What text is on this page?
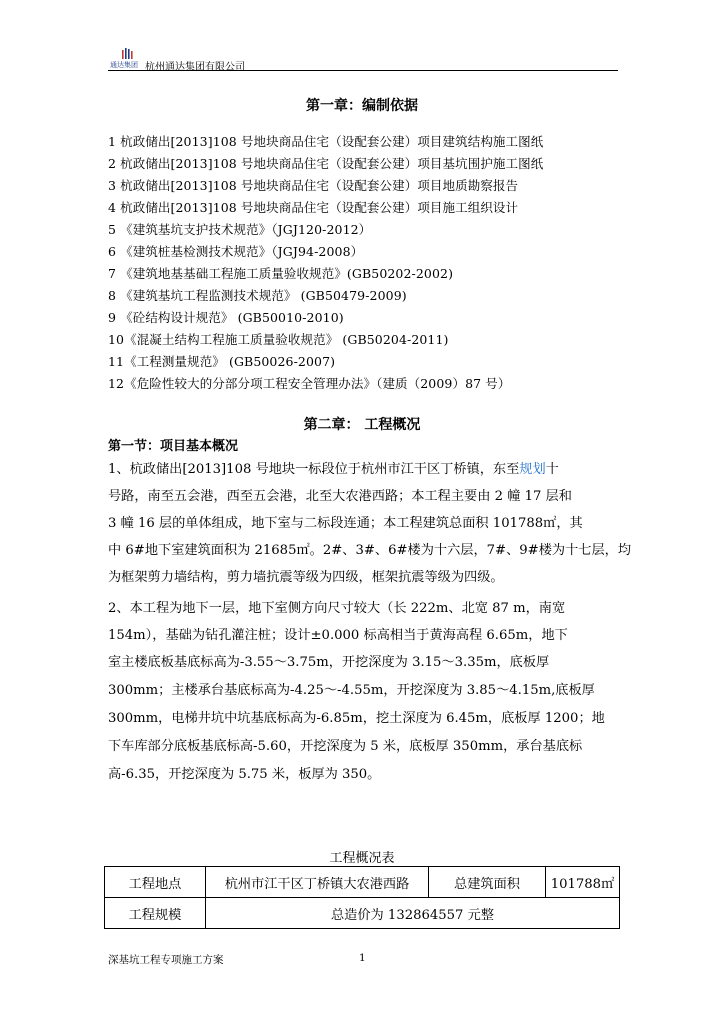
通达集团 杭州通达集团有限公司
第一章：编制依据
1 杭政储出[2013]108 号地块商品住宅（设配套公建）项目建筑结构施工图纸
2 杭政储出[2013]108 号地块商品住宅（设配套公建）项目基坑围护施工图纸
3 杭政储出[2013]108 号地块商品住宅（设配套公建）项目地质勘察报告
4 杭政储出[2013]108 号地块商品住宅（设配套公建）项目施工组织设计
5 《建筑基坑支护技术规范》（JGJ120-2012）
6 《建筑桩基检测技术规范》（JGJ94-2008）
7 《建筑地基基础工程施工质量验收规范》(GB50202-2002)
8 《建筑基坑工程监测技术规范》 (GB50479-2009)
9 《砼结构设计规范》 (GB50010-2010)
10《混凝土结构工程施工质量验收规范》 (GB50204-2011)
11《工程测量规范》 (GB50026-2007)
12《危险性较大的分部分项工程安全管理办法》（建质（2009）87 号）
第二章： 工程概况
第一节：项目基本概况
1、杭政储出[2013]108 号地块一标段位于杭州市江干区丁桥镇，东至规划十
号路，南至五会港，西至五会港，北至大农港西路；本工程主要由 2 幢 17 层和
3 幢 16 层的单体组成，地下室与二标段连通；本工程建筑总面积 101788㎡，其
中 6#地下室建筑面积为 21685㎡。2#、3#、6#楼为十六层，7#、9#楼为十七层，均
为框架剪力墙结构，剪力墙抗震等级为四级，框架抗震等级为四级。
2、本工程为地下一层，地下室侧方向尺寸较大（长 222m、北宽 87 m，南宽
154m），基础为钻孔灌注桩；设计±0.000 标高相当于黄海高程 6.65m，地下
室主楼底板基底标高为-3.55～3.75m，开挖深度为 3.15～3.35m，底板厚
300mm；主楼承台基底标高为-4.25～-4.55m，开挖深度为 3.85～4.15m,底板厚
300mm，电梯井坑中坑基底标高为-6.85m，挖土深度为 6.45m，底板厚 1200；地
下车库部分底板基底标高-5.60，开挖深度为 5 米，底板厚 350mm，承台基底标
高-6.35，开挖深度为 5.75 米，板厚为 350。
工程概况表
工程地点	杭州市江干区丁桥镇大农港西路	总建筑面积	101788㎡
工程规模	总造价为 132864557 元整		
深基坑工程专项施工方案	1
